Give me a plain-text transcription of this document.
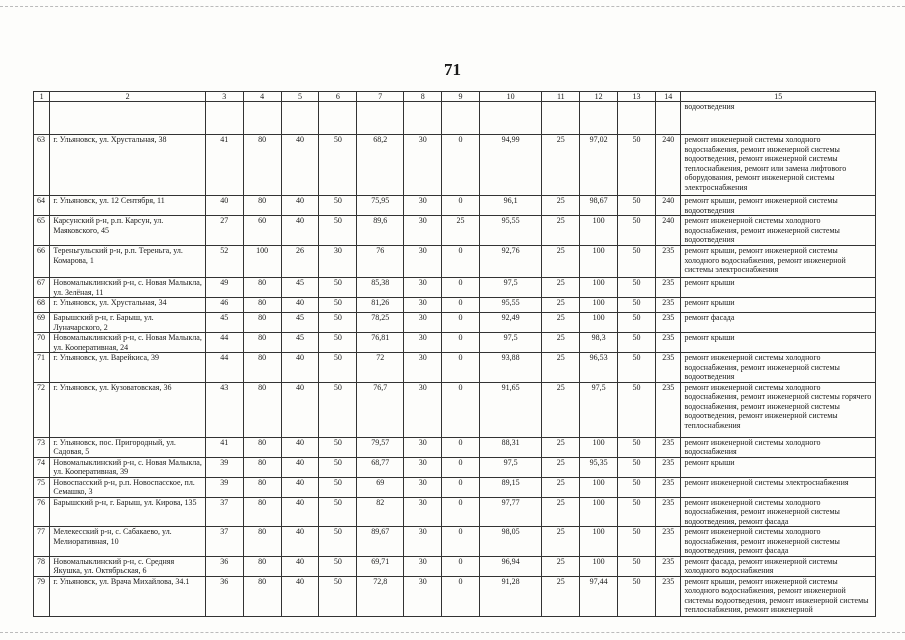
71
1	2	3	4	5	6	7	8	9	10	11	12	13	14	15
														водоотведения
63	г. Ульяновск, ул. Хрустальная, 38	41	80	40	50	68,2	30	0	94,99	25	97,02	50	240	ремонт инженерной системы холодного водоснабжения, ремонт инженерной системы водоотведения, ремонт инженерной системы теплоснабжения, ремонт или замена лифтового оборудования, ремонт инженерной системы электроснабжения
64	г. Ульяновск, ул. 12 Сентября, 11	40	80	40	50	75,95	30	0	96,1	25	98,67	50	240	ремонт крыши, ремонт инженерной системы водоотведения
65	Карсунский р-н, р.п. Карсун, ул. Маяковского, 45	27	60	40	50	89,6	30	25	95,55	25	100	50	240	ремонт инженерной системы холодного водоснабжения, ремонт инженерной системы водоотведения
66	Тереньгульский р-н, р.п. Тереньга, ул. Комарова, 1	52	100	26	30	76	30	0	92,76	25	100	50	235	ремонт крыши, ремонт инженерной системы холодного водоснабжения, ремонт инженерной системы электроснабжения
67	Новомалыклинский р-н, с. Новая Малыкла, ул. Зелёная, 11	49	80	45	50	85,38	30	0	97,5	25	100	50	235	ремонт крыши
68	г. Ульяновск, ул. Хрустальная, 34	46	80	40	50	81,26	30	0	95,55	25	100	50	235	ремонт крыши
69	Барышский р-н, г. Барыш, ул. Луначарского, 2	45	80	45	50	78,25	30	0	92,49	25	100	50	235	ремонт фасада
70	Новомалыклинский р-н, с. Новая Малыкла, ул. Кооперативная, 24	44	80	45	50	76,81	30	0	97,5	25	98,3	50	235	ремонт крыши
71	г. Ульяновск, ул. Варейкиса, 39	44	80	40	50	72	30	0	93,88	25	96,53	50	235	ремонт инженерной системы холодного водоснабжения, ремонт инженерной системы водоотведения
72	г. Ульяновск, ул. Кузоватовская, 36	43	80	40	50	76,7	30	0	91,65	25	97,5	50	235	ремонт инженерной системы холодного водоснабжения, ремонт инженерной системы горячего водоснабжения, ремонт инженерной системы водоотведения, ремонт инженерной системы теплоснабжения
73	г. Ульяновск, пос. Пригородный, ул. Садовая, 5	41	80	40	50	79,57	30	0	88,31	25	100	50	235	ремонт инженерной системы холодного водоснабжения
74	Новомалыклинский р-н, с. Новая Малыкла, ул. Кооперативная, 39	39	80	40	50	68,77	30	0	97,5	25	95,35	50	235	ремонт крыши
75	Новоспасский р-н, р.п. Новоспасское, пл. Семашко, 3	39	80	40	50	69	30	0	89,15	25	100	50	235	ремонт инженерной системы электроснабжения
76	Барышский р-н, г. Барыш, ул. Кирова, 135	37	80	40	50	82	30	0	97,77	25	100	50	235	ремонт инженерной системы холодного водоснабжения, ремонт инженерной системы водоотведения, ремонт фасада
77	Мелекесский р-н, с. Сабакаево, ул. Мелиоративная, 10	37	80	40	50	89,67	30	0	98,05	25	100	50	235	ремонт инженерной системы холодного водоснабжения, ремонт инженерной системы водоотведения, ремонт фасада
78	Новомалыклинский р-н, с. Средняя Якушка, ул. Октябрьская, 6	36	80	40	50	69,71	30	0	96,94	25	100	50	235	ремонт фасада, ремонт инженерной системы холодного водоснабжения
79	г. Ульяновск, ул. Врача Михайлова, 34.1	36	80	40	50	72,8	30	0	91,28	25	97,44	50	235	ремонт крыши, ремонт инженерной системы холодного водоснабжения, ремонт инженерной системы водоотведения, ремонт инженерной системы теплоснабжения, ремонт инженерной
